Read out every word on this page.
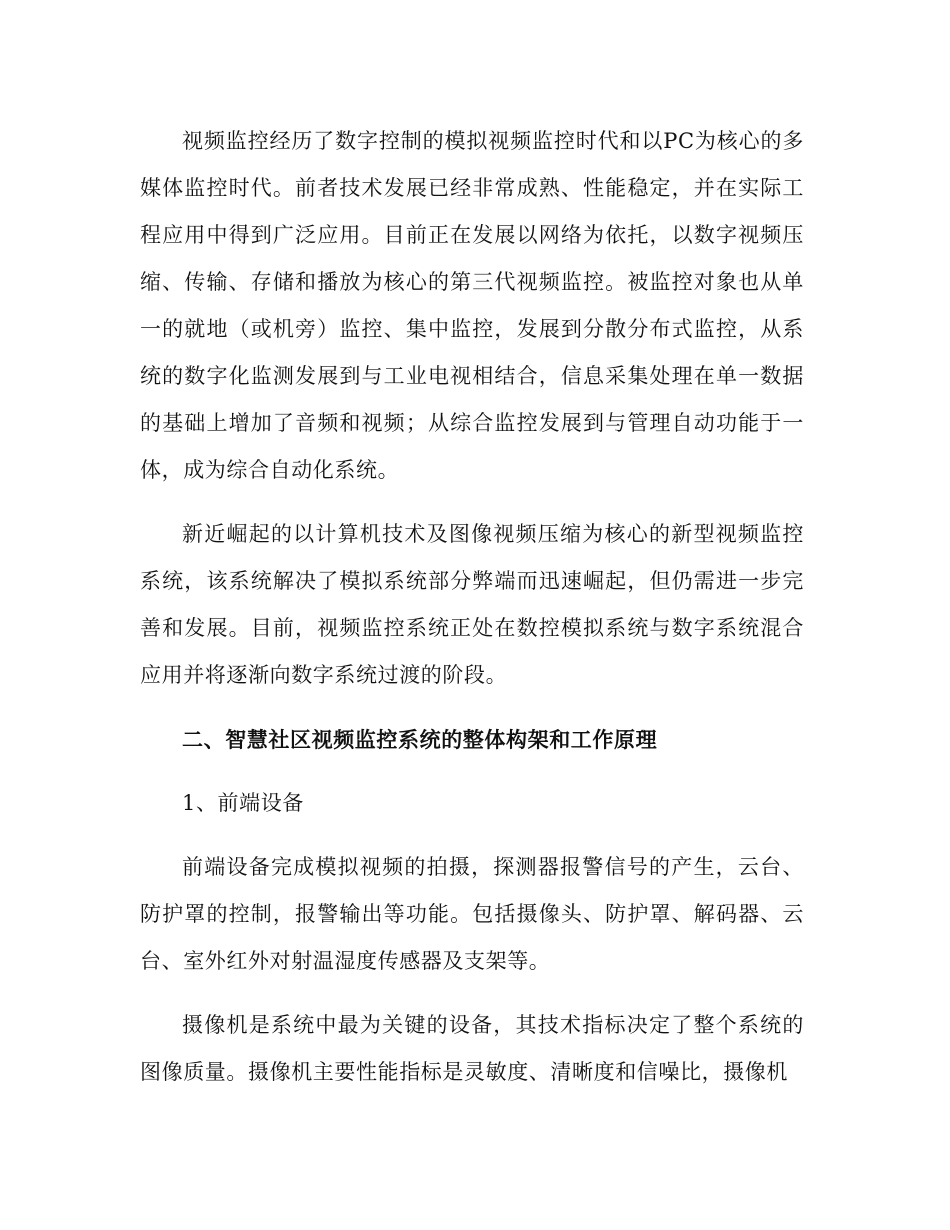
视频监控经历了数字控制的模拟视频监控时代和以PC为核心的多媒体监控时代。前者技术发展已经非常成熟、性能稳定，并在实际工程应用中得到广泛应用。目前正在发展以网络为依托，以数字视频压缩、传输、存储和播放为核心的第三代视频监控。被监控对象也从单一的就地（或机旁）监控、集中监控，发展到分散分布式监控，从系统的数字化监测发展到与工业电视相结合，信息采集处理在单一数据的基础上增加了音频和视频；从综合监控发展到与管理自动功能于一体，成为综合自动化系统。

新近崛起的以计算机技术及图像视频压缩为核心的新型视频监控系统，该系统解决了模拟系统部分弊端而迅速崛起，但仍需进一步完善和发展。目前，视频监控系统正处在数控模拟系统与数字系统混合应用并将逐渐向数字系统过渡的阶段。

二、智慧社区视频监控系统的整体构架和工作原理

1、前端设备

前端设备完成模拟视频的拍摄，探测器报警信号的产生，云台、防护罩的控制，报警输出等功能。包括摄像头、防护罩、解码器、云台、室外红外对射温湿度传感器及支架等。

摄像机是系统中最为关键的设备，其技术指标决定了整个系统的图像质量。摄像机主要性能指标是灵敏度、清晰度和信噪比，摄像机
